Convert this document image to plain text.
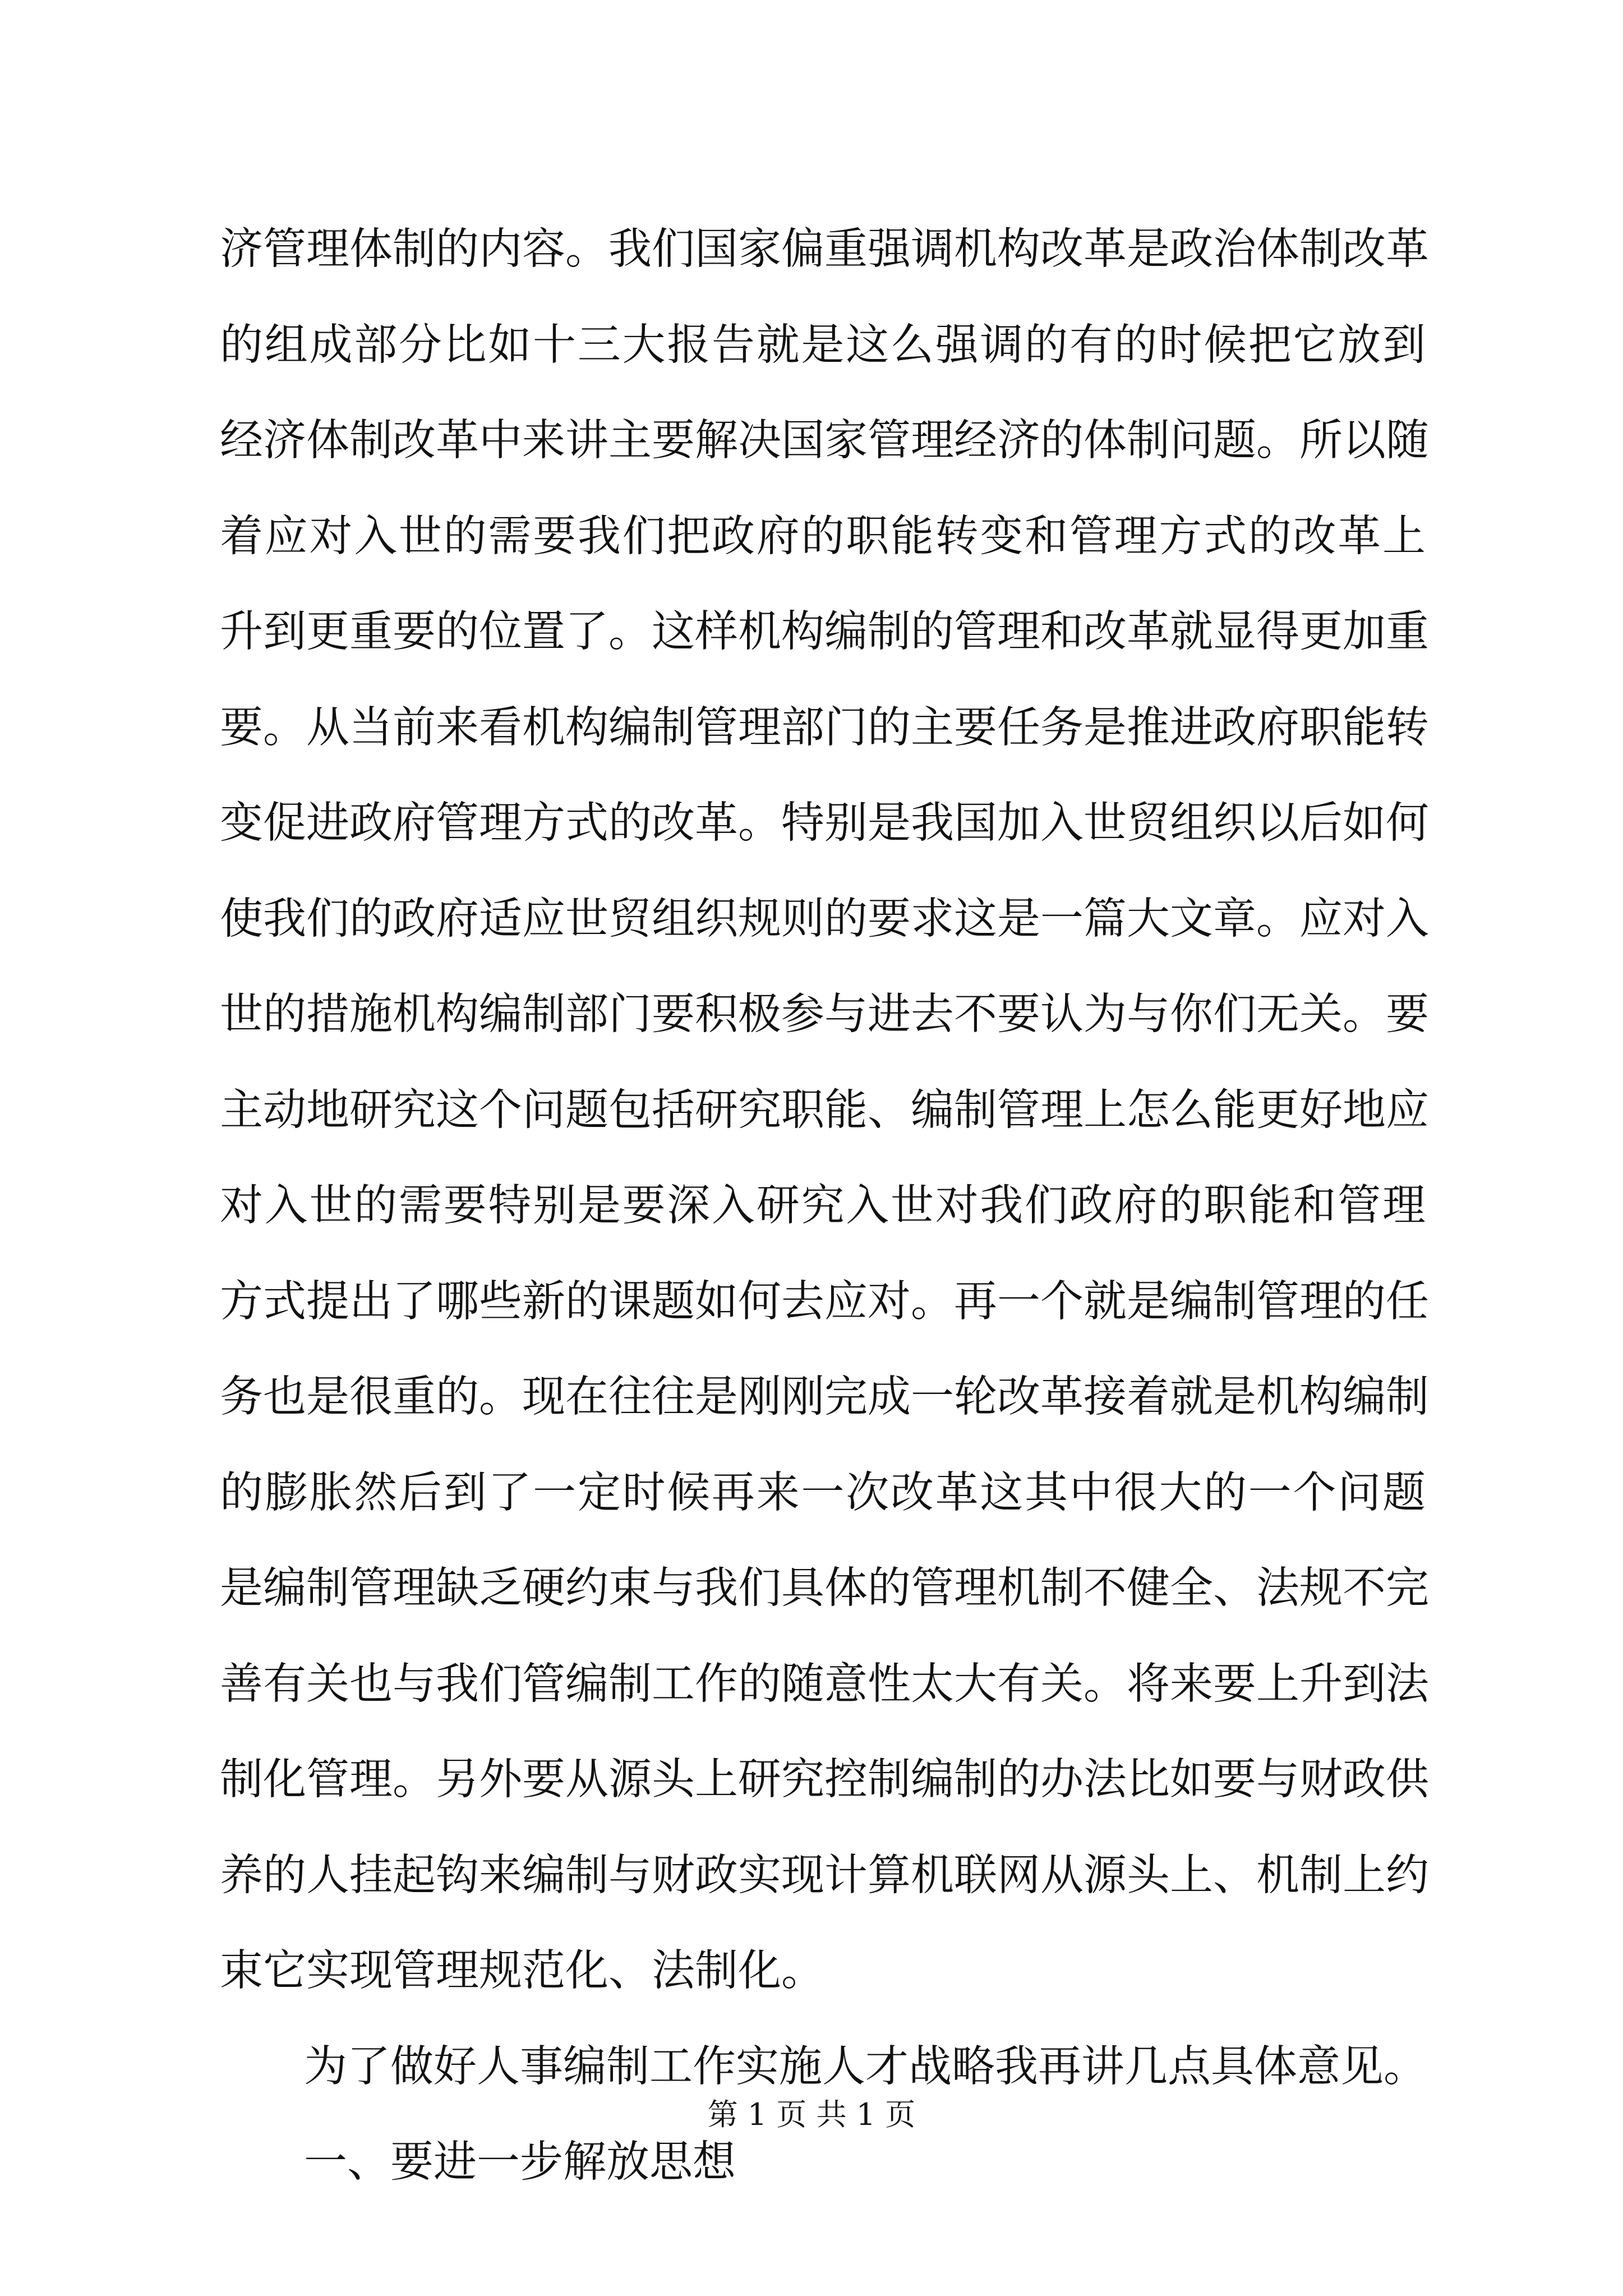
济管理体制的内容。我们国家偏重强调机构改革是政治体制改革
的组成部分比如十三大报告就是这么强调的有的时候把它放到
经济体制改革中来讲主要解决国家管理经济的体制问题。所以随
着应对入世的需要我们把政府的职能转变和管理方式的改革上
升到更重要的位置了。这样机构编制的管理和改革就显得更加重
要。从当前来看机构编制管理部门的主要任务是推进政府职能转
变促进政府管理方式的改革。特别是我国加入世贸组织以后如何
使我们的政府适应世贸组织规则的要求这是一篇大文章。应对入
世的措施机构编制部门要积极参与进去不要认为与你们无关。要
主动地研究这个问题包括研究职能、编制管理上怎么能更好地应
对入世的需要特别是要深入研究入世对我们政府的职能和管理
方式提出了哪些新的课题如何去应对。再一个就是编制管理的任
务也是很重的。现在往往是刚刚完成一轮改革接着就是机构编制
的膨胀然后到了一定时候再来一次改革这其中很大的一个问题
是编制管理缺乏硬约束与我们具体的管理机制不健全、法规不完
善有关也与我们管编制工作的随意性太大有关。将来要上升到法
制化管理。另外要从源头上研究控制编制的办法比如要与财政供
养的人挂起钩来编制与财政实现计算机联网从源头上、机制上约
束它实现管理规范化、法制化。
为了做好人事编制工作实施人才战略我再讲几点具体意见。
一、要进一步解放思想
第 1 页 共 1 页
